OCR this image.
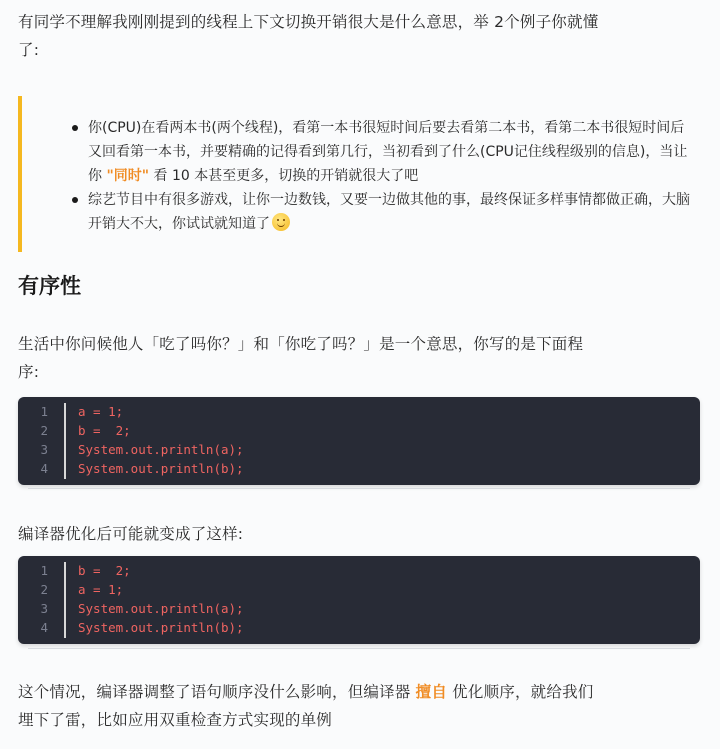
有同学不理解我刚刚提到的线程上下文切换开销很大是什么意思，举 2个例子你就懂
了:
你(CPU)在看两本书(两个线程)，看第一本书很短时间后要去看第二本书，看第二本书很短时间后又回看第一本书，并要精确的记得看到第几行，当初看到了什么(CPU记住线程级别的信息)，当让你 "同时" 看 10 本甚至更多，切换的开销就很大了吧
综艺节目中有很多游戏，让你一边数钱，又要一边做其他的事，最终保证多样事情都做正确，大脑开销大不大，你试试就知道了
有序性
生活中你问候他人「吃了吗你？」和「你吃了吗？」是一个意思，你写的是下面程
序:
1 a = 1;
2 b =  2;
3 System.out.println(a);
4 System.out.println(b);
编译器优化后可能就变成了这样:
1 b =  2;
2 a = 1;
3 System.out.println(a);
4 System.out.println(b);
这个情况，编译器调整了语句顺序没什么影响，但编译器 擅自 优化顺序，就给我们
埋下了雷，比如应用双重检查方式实现的单例
